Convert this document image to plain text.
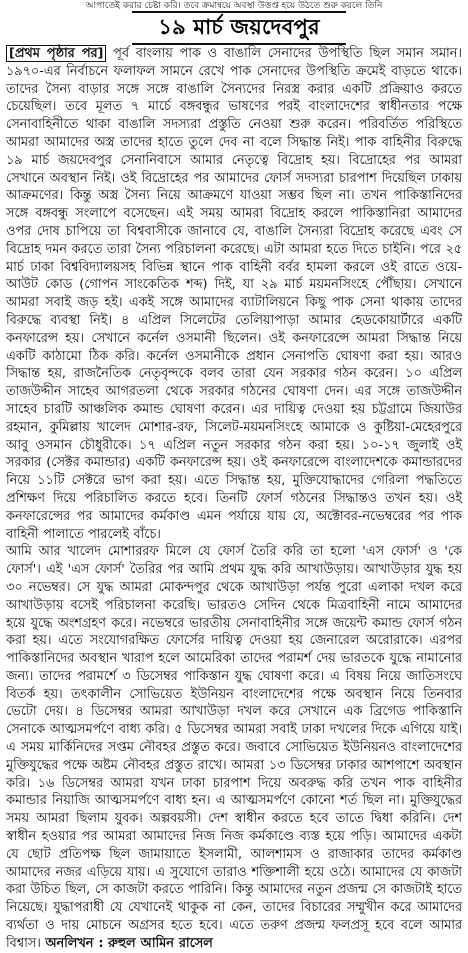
আপাতেই করার চেষ্টা করি। তবে ক্রমান্বয়ে অবস্থা উত্তপ্ত হয়ে উঠতে শুরু করলে তিনি
১৯ মার্চ জয়দেবপুর

[প্রথম পৃষ্ঠার পর] পূর্ব বাংলায় পাক ও বাঙালি সেনাদের উপস্থিতি ছিল সমান সমান। ১৯৭০-এর নির্বাচনে ফলাফল সামনে রেখে পাক সেনাদের উপস্থিতি ক্রমেই বাড়তে থাকে। তাদের সৈন্য বাড়ার সঙ্গে সঙ্গে বাঙালি সৈন্যদের নিরস্ত্র করার একটি প্রক্রিয়াও করতে চেয়েছিল। তবে মূলত ৭ মার্চে বঙ্গবন্ধুর ভাষণের পরই বাংলাদেশের স্বাধীনতার পক্ষে সেনাবাহিনীতে থাকা বাঙালি সদস্যরা প্রস্তুতি নেওয়া শুরু করেন। পরিবর্তিত পরিস্থিতে আমরা আমাদের অস্ত্র তাদের হাতে তুলে দেব না বলে সিদ্ধান্ত নিই। পাক বাহিনীর বিরুদ্ধে ১৯ মার্চ জয়দেবপুর সেনানিবাসে আমার নেতৃত্বে বিদ্রোহ হয়। বিদ্রোহের পর আমরা সেখানে অবস্থান নিই। ওই বিদ্রোহের পর আমাদের ফোর্স সদস্যরা চারপাশ দিয়েছিল ঢাকায় আক্রমণের। কিন্তু অস্ত্র সৈন্য নিয়ে আক্রমণে যাওয়া সম্ভব ছিল না। তখন পাকিস্তানিদের সঙ্গে বঙ্গবন্ধু সংলাপে বসেছেন। এই সময় আমরা বিদ্রোহ করলে পাকিস্তানিরা আমাদের ওপর দোষ চাপিয়ে তা বিশ্ববাসীকে জানাবে যে, বাঙালি সৈন্যরা বিদ্রোহ করেছে এবং সে বিদ্রোহ দমন করতে তারা সৈন্য পরিচালনা করেছে। এটা আমরা হতে দিতে চাইনি। পরে ২৫ মার্চ ঢাকা বিশ্ববিদ্যালয়সহ বিভিন্ন স্থানে পাক বাহিনী বর্বর হামলা করলে ওই রাতে ওয়ে-আউট কোড (গোপন সাংকেতিক শব্দ) দিই, যা ২৯ মার্চ ময়মনসিংহে পৌঁছায়। সেখানে আমরা সবাই জড় হই। একই সঙ্গে আমাদের ব্যাটালিয়নে কিছু পাক সেনা থাকায় তাদের বিরুদ্ধে ব্যবস্থা নিই। ৪ এপ্রিল সিলেটের তেলিয়াপাড়া আমার হেডকোয়ার্টারে একটি কনফারেন্স হয়। সেখানে কর্নেল ওসমানী ছিলেন। ওই কনফারেন্সে আমরা সিদ্ধান্ত নিয়ে একটি কাঠামো ঠিক করি। কর্নেল ওসমানীকে প্রধান সেনাপতি ঘোষণা করা হয়। আরও সিদ্ধান্ত হয়, রাজনৈতিক নেতৃবৃন্দকে বলব তারা যেন সরকার গঠন করেন। ১০ এপ্রিল তাজউদ্দীন সাহেব আগরতলা থেকে সরকার গঠনের ঘোষণা দেন। এর সঙ্গে তাজউদ্দীন সাহেব চারটি আঞ্চলিক কমান্ড ঘোষণা করেন। এর দায়িত্ব দেওয়া হয় চট্টগ্রামে জিয়াউর রহমান, কুমিল্লায় খালেদ মোশার-রফ, সিলেট-ময়মনসিংহে আমাকে ও কুষ্টিয়া-মেহেরপুরে আবু ওসমান চৌধুরীকে। ১৭ এপ্রিল নতুন সরকার গঠন করা হয়। ১০-১৭ জুলাই ওই সরকার (সেক্টর কমান্ডার) একটি কনফারেন্স হয়। ওই কনফারেন্সে বাংলাদেশকে কমান্ডারদের নিয়ে ১১টি সেক্টরে ভাগ করা হয়। এতে সিদ্ধান্ত হয়, মুক্তিযোদ্ধাদের গেরিলা পদ্ধতিতে প্রশিক্ষণ দিয়ে পরিচালিত করতে হবে। তিনটি ফোর্স গঠনের সিদ্ধান্তও তখন হয়। ওই কনফারেন্সের পর আমাদের কর্মকাণ্ড এমন পর্যায়ে যায় যে, অক্টোবর-নভেম্বরের পর পাক বাহিনী পালাতে পারলেই বাঁচে।

আমি আর খালেদ মোশাররফ মিলে যে ফোর্স তৈরি করি তা হলো 'এস ফোর্স' ও 'কে ফোর্স'। এই 'এস ফোর্স' তৈরির পর আমি প্রথম যুদ্ধ করি আখাউড়ায়। আখাউড়ার যুদ্ধ হয় ৩০ নভেম্বর। সে যুদ্ধ আমরা মোকন্দপুর থেকে আখাউড়া পর্যন্ত পুরো এলাকা দখল করে আখাউড়ায় বসেই পরিচালনা করেছি। ভারতও সেদিন থেকে মিত্রবাহিনী নামে আমাদের হয়ে যুদ্ধে অংশগ্রহণ করে। নভেম্বরে ভারতীয় সেনাবাহিনীর সঙ্গে জয়েন্ট কমান্ড ফোর্স গঠন করা হয়। এতে সংযোগরক্ষিত ফোর্সের দায়িত্ব দেওয়া হয় জেনারেল অরোরাকে। এরপর পাকিস্তানিদের অবস্থান খারাপ হলে আমেরিকা তাদের পরামর্শ দেয় ভারতকে যুদ্ধে নামানোর জন্য। তাদের পরামর্শে ৩ ডিসেম্বর পাকিস্তান যুদ্ধ ঘোষণা করে। এ বিষয় নিয়ে জাতিসংঘে বিতর্ক হয়। তৎকালীন সোভিয়েত ইউনিয়ন বাংলাদেশের পক্ষে অবস্থান নিয়ে তিনবার ভেটো দেয়। ৪ ডিসেম্বর আমরা আখাউড়া দখল করে সেখানে এক ব্রিগেড পাকিস্তানি সেনাকে আত্মসমর্পণে বাধ্য করি। ৫ ডিসেম্বর আমরা সবাই ঢাকা দখলের দিকে এগিয়ে যাই। এ সময় মার্কিনিদের সপ্তম নৌবহর প্রস্তুত করে। জবাবে সোভিয়েত ইউনিয়নও বাংলাদেশের মুক্তিযুদ্ধের পক্ষে অষ্টম নৌবহর প্রস্তুত রাখে। আমরা ১৩ ডিসেম্বর ঢাকার আশপাশে অবস্থান করি। ১৬ ডিসেম্বর আমরা যখন ঢাকা চারপাশ দিয়ে অবরুদ্ধ করি তখন পাক বাহিনীর কমান্ডার নিয়াজি আত্মসমর্পণে বাধ্য হন। এ আত্মসমর্পণে কোনো শর্ত ছিল না। মুক্তিযুদ্ধের সময় আমরা ছিলাম যুবক। অল্পবয়সী। দেশ স্বাধীন করতে হবে তাতে দ্বিধা করিনি। দেশ স্বাধীন হওয়ার পর আমরা আমাদের নিজ নিজ কর্মকাণ্ডে ব্যস্ত হয়ে পড়ি। আমাদের একটা যে ছোট প্রতিপক্ষ ছিল জামায়াতে ইসলামী, আলশামস ও রাজাকার তাদের কর্মকাণ্ড আমাদের নজর এড়িয়ে যায়। এ সুযোগে তারাও শক্তিশালী হয়ে ওঠে। আমাদের যে কাজটা করা উচিত ছিল, সে কাজটা করতে পারিনি। কিন্তু আমাদের নতুন প্রজন্ম সে কাজটাই হাতে নিয়েছে। যুদ্ধাপরাধী যে যেখানেই থাকুক না কেন, তাদের বিচারের সম্মুখীন করে আমাদের ব্যর্থতা ও দায় মোচনে অগ্রসর হতে হবে। এতে তরুণ প্রজন্ম ফলপ্রসূ হবে বলে আমার বিশ্বাস। অনলিখন : রুহুল আমিন রাসেল
